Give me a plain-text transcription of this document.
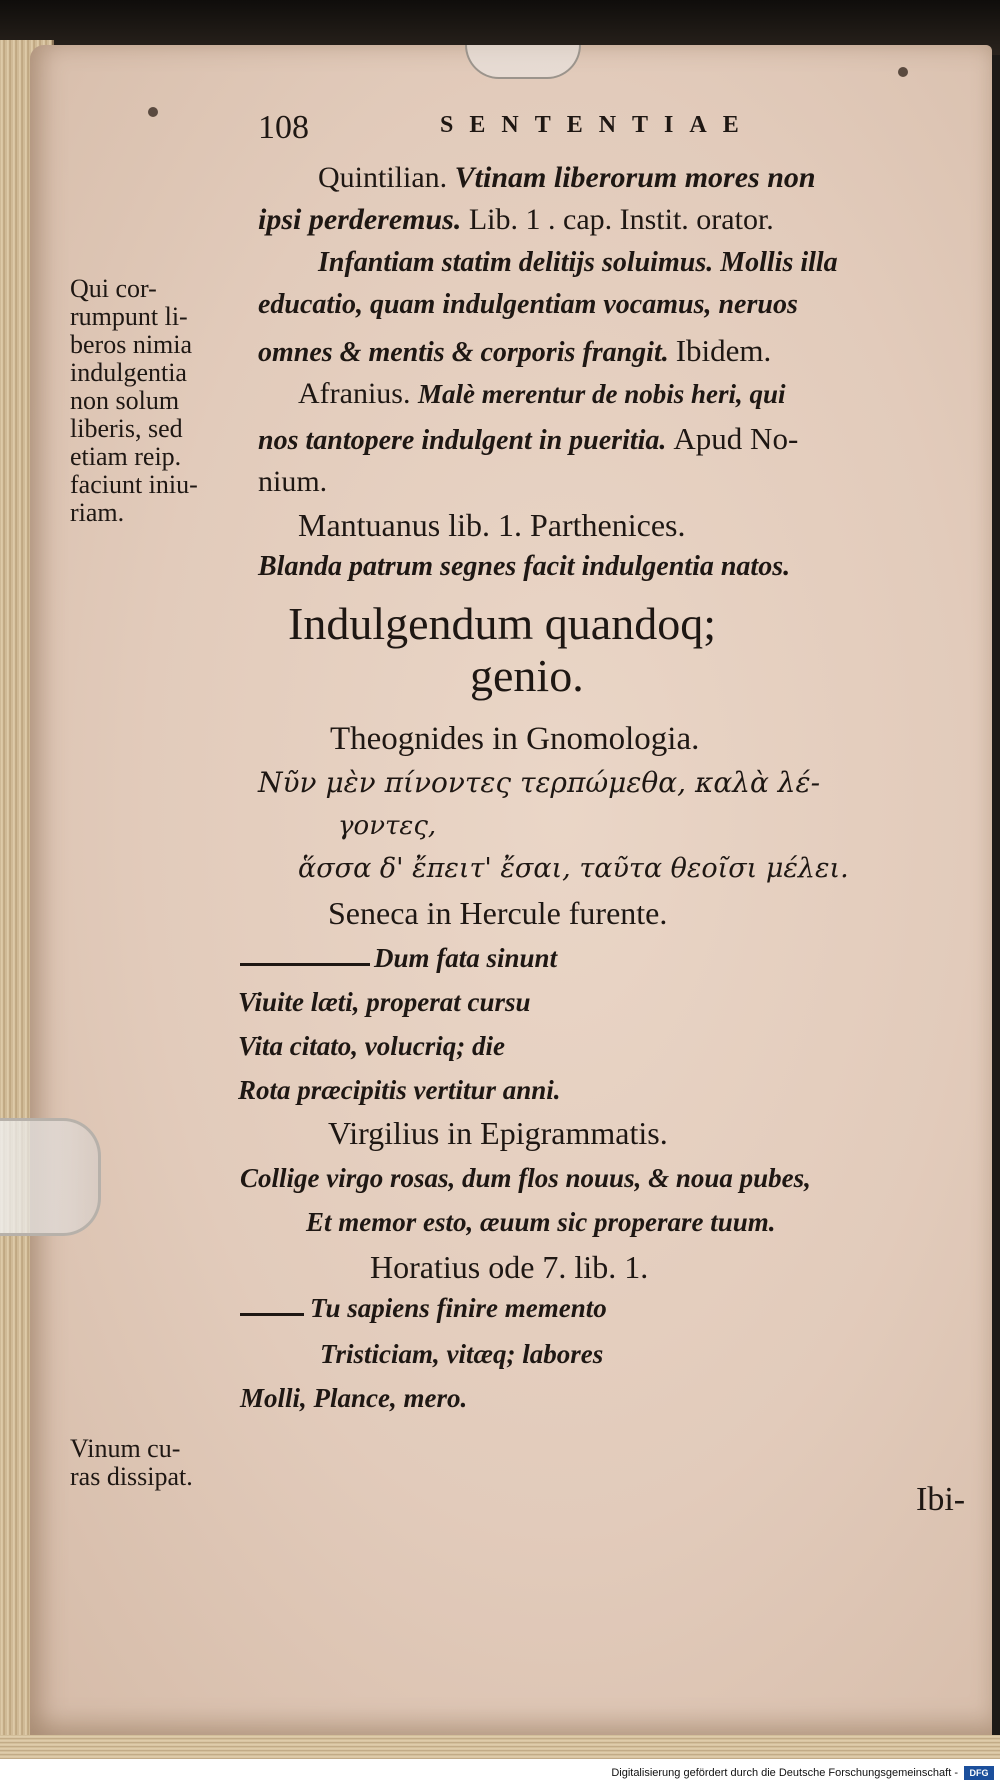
108	SENTENTIAE
Qui cor-
rumpunt li-
beros nimia
indulgentia
non solum
liberis, sed
etiam reip.
faciunt iniu-
riam.
Vinum cu-
ras dissipat.
Quintilian. Vtinam liberorum mores non
ipsi perderemus. Lib. 1 . cap. Instit. orator.
Infantiam statim delitijs soluimus. Mollis illa
educatio, quam indulgentiam vocamus, neruos
omnes & mentis & corporis frangit. Ibidem.
Afranius. Malè merentur de nobis heri, qui
nos tantopere indulgent in pueritia. Apud No-
nium.
Mantuanus lib. 1. Parthenices.
Blanda patrum segnes facit indulgentia natos.
Indulgendum quandoq;
genio.
Theognides in Gnomologia.
Νῦν μὲν πίνοντες τερπώμεθα, καλὰ λέ-
γοντες,
ἅσσα δ' ἔπειτ' ἔσαι, ταῦτα θεοῖσι μέλει.
Seneca in Hercule furente.
Dum fata sinunt
Viuite læti, properat cursu
Vita citato, volucriq; die
Rota præcipitis vertitur anni.
Virgilius in Epigrammatis.
Collige virgo rosas, dum flos nouus, & noua pubes,
Et memor esto, æuum sic properare tuum.
Horatius ode 7. lib. 1.
Tu sapiens finire memento
Tristiciam, vitæq; labores
Molli, Plance, mero.
Ibi-
Digitalisierung gefördert durch die Deutsche Forschungsgemeinschaft -	DFG
